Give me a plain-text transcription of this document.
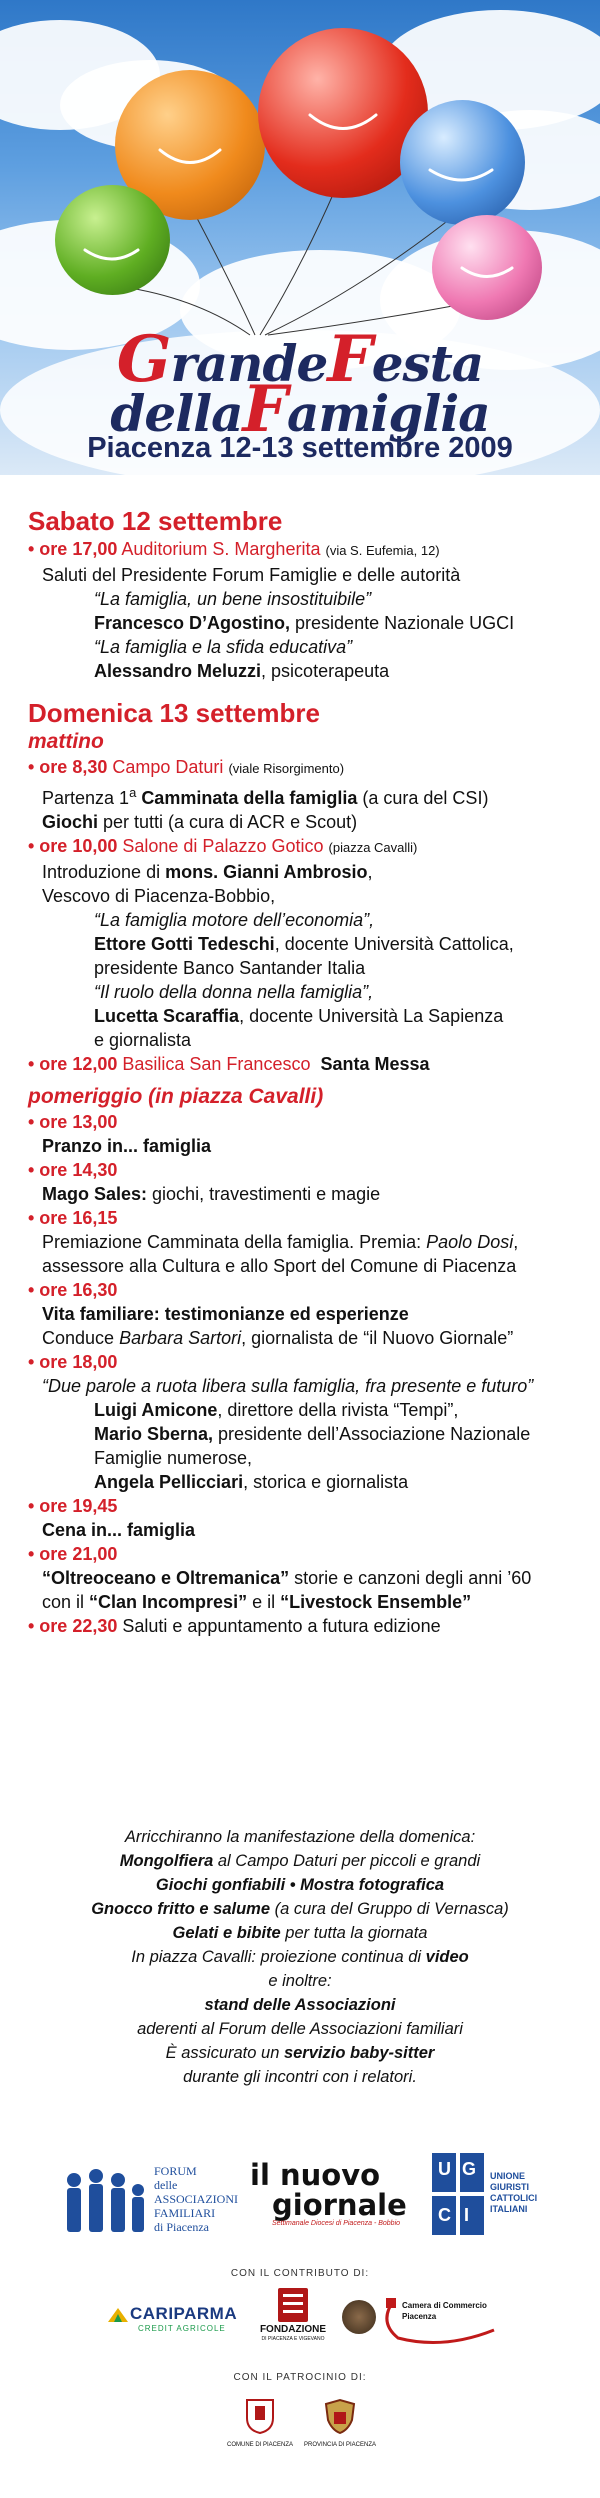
GrandeFesta
dellaFamiglia
Piacenza 12-13 settembre 2009
Sabato 12 settembre
• ore 17,00 Auditorium S. Margherita (via S. Eufemia, 12)
Saluti del Presidente Forum Famiglie e delle autorità
“La famiglia, un bene insostituibile”
Francesco D’Agostino, presidente Nazionale UGCI
“La famiglia e la sfida educativa”
Alessandro Meluzzi, psicoterapeuta
Domenica 13 settembre
mattino
• ore 8,30 Campo Daturi (viale Risorgimento)
Partenza 1$^a$ Camminata della famiglia (a cura del CSI)
Giochi per tutti (a cura di ACR e Scout)
• ore 10,00 Salone di Palazzo Gotico (piazza Cavalli)
Introduzione di mons. Gianni Ambrosio,
Vescovo di Piacenza-Bobbio,
“La famiglia motore dell’economia”,
Ettore Gotti Tedeschi, docente Università Cattolica,
presidente Banco Santander Italia
“Il ruolo della donna nella famiglia”,
Lucetta Scaraffia, docente Università La Sapienza
e giornalista
• ore 12,00 Basilica San Francesco Santa Messa
pomeriggio (in piazza Cavalli)
• ore 13,00
Pranzo in... famiglia
• ore 14,30
Mago Sales: giochi, travestimenti e magie
• ore 16,15
Premiazione Camminata della famiglia. Premia: Paolo Dosi,
assessore alla Cultura e allo Sport del Comune di Piacenza
• ore 16,30
Vita familiare: testimonianze ed esperienze
Conduce Barbara Sartori, giornalista de “il Nuovo Giornale”
• ore 18,00
“Due parole a ruota libera sulla famiglia, fra presente e futuro”
Luigi Amicone, direttore della rivista “Tempi”,
Mario Sberna, presidente dell’Associazione Nazionale
Famiglie numerose,
Angela Pellicciari, storica e giornalista
• ore 19,45
Cena in... famiglia
• ore 21,00
“Oltreoceano e Oltremanica” storie e canzoni degli anni ’60
con il “Clan Incompresi” e il “Livestock Ensemble”
• ore 22,30 Saluti e appuntamento a futura edizione
Arricchiranno la manifestazione della domenica:
Mongolfiera al Campo Daturi per piccoli e grandi
Giochi gonfiabili • Mostra fotografica
Gnocco fritto e salume (a cura del Gruppo di Vernasca)
Gelati e bibite per tutta la giornata
In piazza Cavalli: proiezione continua di video
e inoltre:
stand delle Associazioni
aderenti al Forum delle Associazioni familiari
È assicurato un servizio baby-sitter
durante gli incontri con i relatori.
FORUM
delle
ASSOCIAZIONI
FAMILIARI
di Piacenza
il nuovo
giornale
Settimanale Diocesi di Piacenza - Bobbio
U G
C I
UNIONE
GIURISTI
CATTOLICI
ITALIANI
CON IL CONTRIBUTO DI:
CARIPARMA
CREDIT AGRICOLE	FONDAZIONE
DI PIACENZA E VIGEVANO
Camera di Commercio
Piacenza
CON IL PATROCINIO DI:
COMUNE DI PIACENZA	PROVINCIA DI PIACENZA
